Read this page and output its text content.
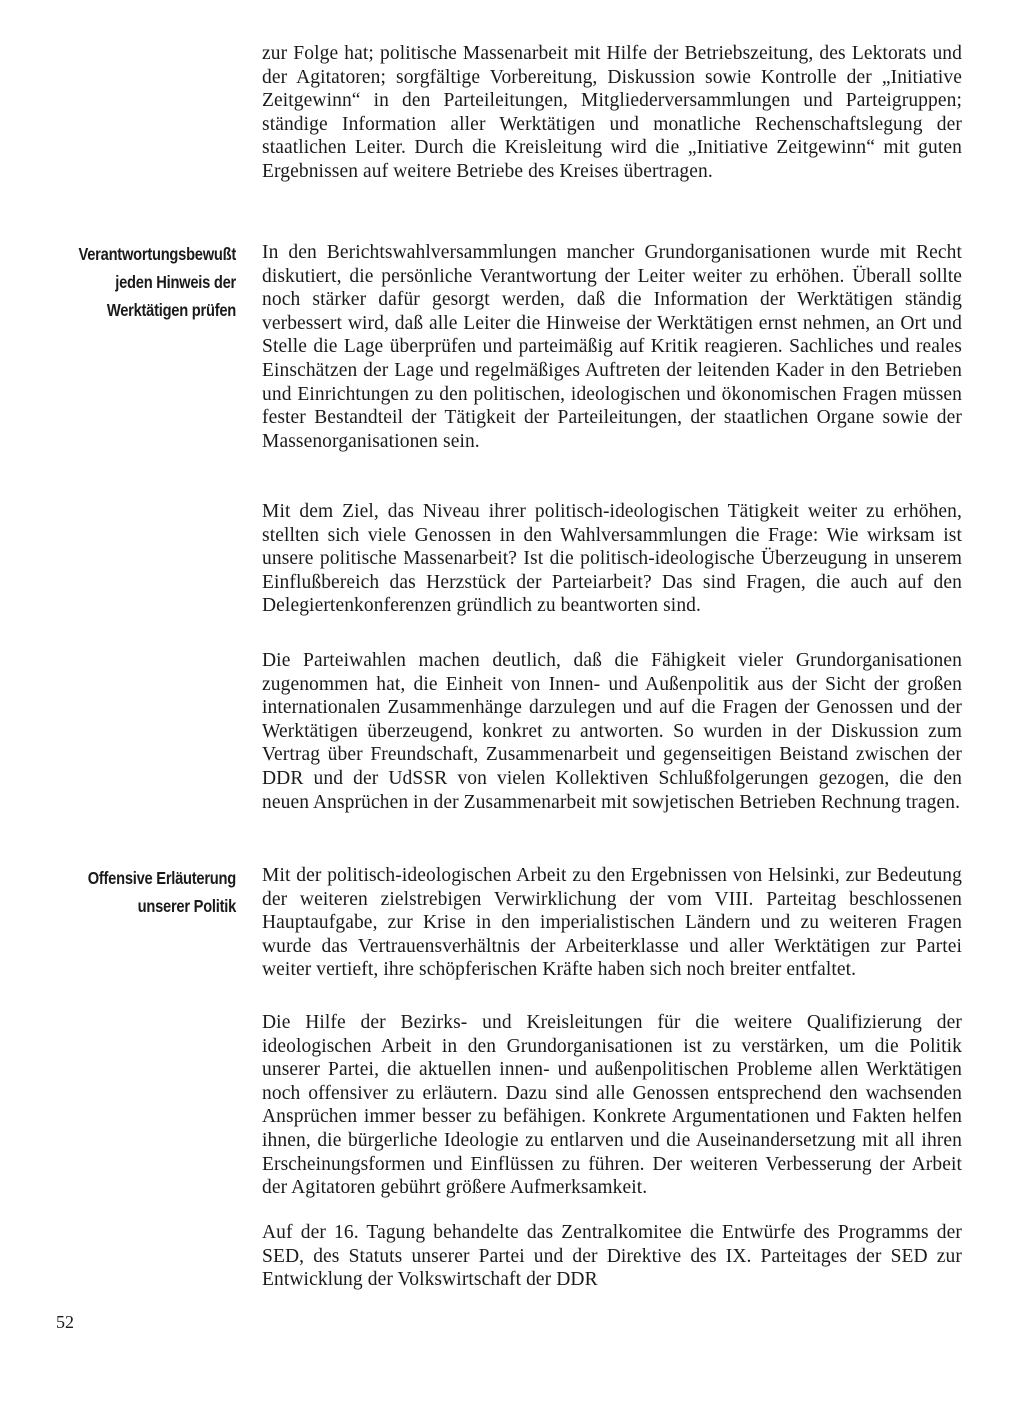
zur Folge hat; politische Massenarbeit mit Hilfe der Betriebszeitung, des Lektorats und der Agitatoren; sorgfältige Vorbereitung, Diskussion sowie Kontrolle der „Initiative Zeitgewinn“ in den Parteileitungen, Mitgliederversammlungen und Parteigruppen; ständige Information aller Werktätigen und monatliche Rechenschaftslegung der staatlichen Leiter. Durch die Kreisleitung wird die „Initiative Zeitgewinn“ mit guten Ergebnissen auf weitere Betriebe des Kreises übertragen.

Verantwortungsbewußt
jeden Hinweis der
Werktätigen prüfen

In den Berichtswahlversammlungen mancher Grundorganisationen wurde mit Recht diskutiert, die persönliche Verantwortung der Leiter weiter zu erhöhen. Überall sollte noch stärker dafür gesorgt werden, daß die Information der Werktätigen ständig verbessert wird, daß alle Leiter die Hinweise der Werktätigen ernst nehmen, an Ort und Stelle die Lage überprüfen und parteimäßig auf Kritik reagieren. Sachliches und reales Einschätzen der Lage und regelmäßiges Auftreten der leitenden Kader in den Betrieben und Einrichtungen zu den politischen, ideologischen und ökonomischen Fragen müssen fester Bestandteil der Tätigkeit der Parteileitungen, der staatlichen Organe sowie der Massenorganisationen sein.

Mit dem Ziel, das Niveau ihrer politisch-ideologischen Tätigkeit weiter zu erhöhen, stellten sich viele Genossen in den Wahlversammlungen die Frage: Wie wirksam ist unsere politische Massenarbeit? Ist die politisch-ideologische Überzeugung in unserem Einflußbereich das Herzstück der Parteiarbeit? Das sind Fragen, die auch auf den Delegiertenkonferenzen gründlich zu beantworten sind.

Die Parteiwahlen machen deutlich, daß die Fähigkeit vieler Grundorganisationen zugenommen hat, die Einheit von Innen- und Außenpolitik aus der Sicht der großen internationalen Zusammenhänge darzulegen und auf die Fragen der Genossen und der Werktätigen überzeugend, konkret zu antworten. So wurden in der Diskussion zum Vertrag über Freundschaft, Zusammenarbeit und gegenseitigen Beistand zwischen der DDR und der UdSSR von vielen Kollektiven Schlußfolgerungen gezogen, die den neuen Ansprüchen in der Zusammenarbeit mit sowjetischen Betrieben Rechnung tragen.

Offensive Erläuterung
unserer Politik

Mit der politisch-ideologischen Arbeit zu den Ergebnissen von Helsinki, zur Bedeutung der weiteren zielstrebigen Verwirklichung der vom VIII. Parteitag beschlossenen Hauptaufgabe, zur Krise in den imperialistischen Ländern und zu weiteren Fragen wurde das Vertrauensverhältnis der Arbeiterklasse und aller Werktätigen zur Partei weiter vertieft, ihre schöpferischen Kräfte haben sich noch breiter entfaltet.

Die Hilfe der Bezirks- und Kreisleitungen für die weitere Qualifizierung der ideologischen Arbeit in den Grundorganisationen ist zu verstärken, um die Politik unserer Partei, die aktuellen innen- und außenpolitischen Probleme allen Werktätigen noch offensiver zu erläutern. Dazu sind alle Genossen entsprechend den wachsenden Ansprüchen immer besser zu befähigen. Konkrete Argumentationen und Fakten helfen ihnen, die bürgerliche Ideologie zu entlarven und die Auseinandersetzung mit all ihren Erscheinungsformen und Einflüssen zu führen. Der weiteren Verbesserung der Arbeit der Agitatoren gebührt größere Aufmerksamkeit.

Auf der 16. Tagung behandelte das Zentralkomitee die Entwürfe des Programms der SED, des Statuts unserer Partei und der Direktive des IX. Parteitages der SED zur Entwicklung der Volkswirtschaft der DDR

52
